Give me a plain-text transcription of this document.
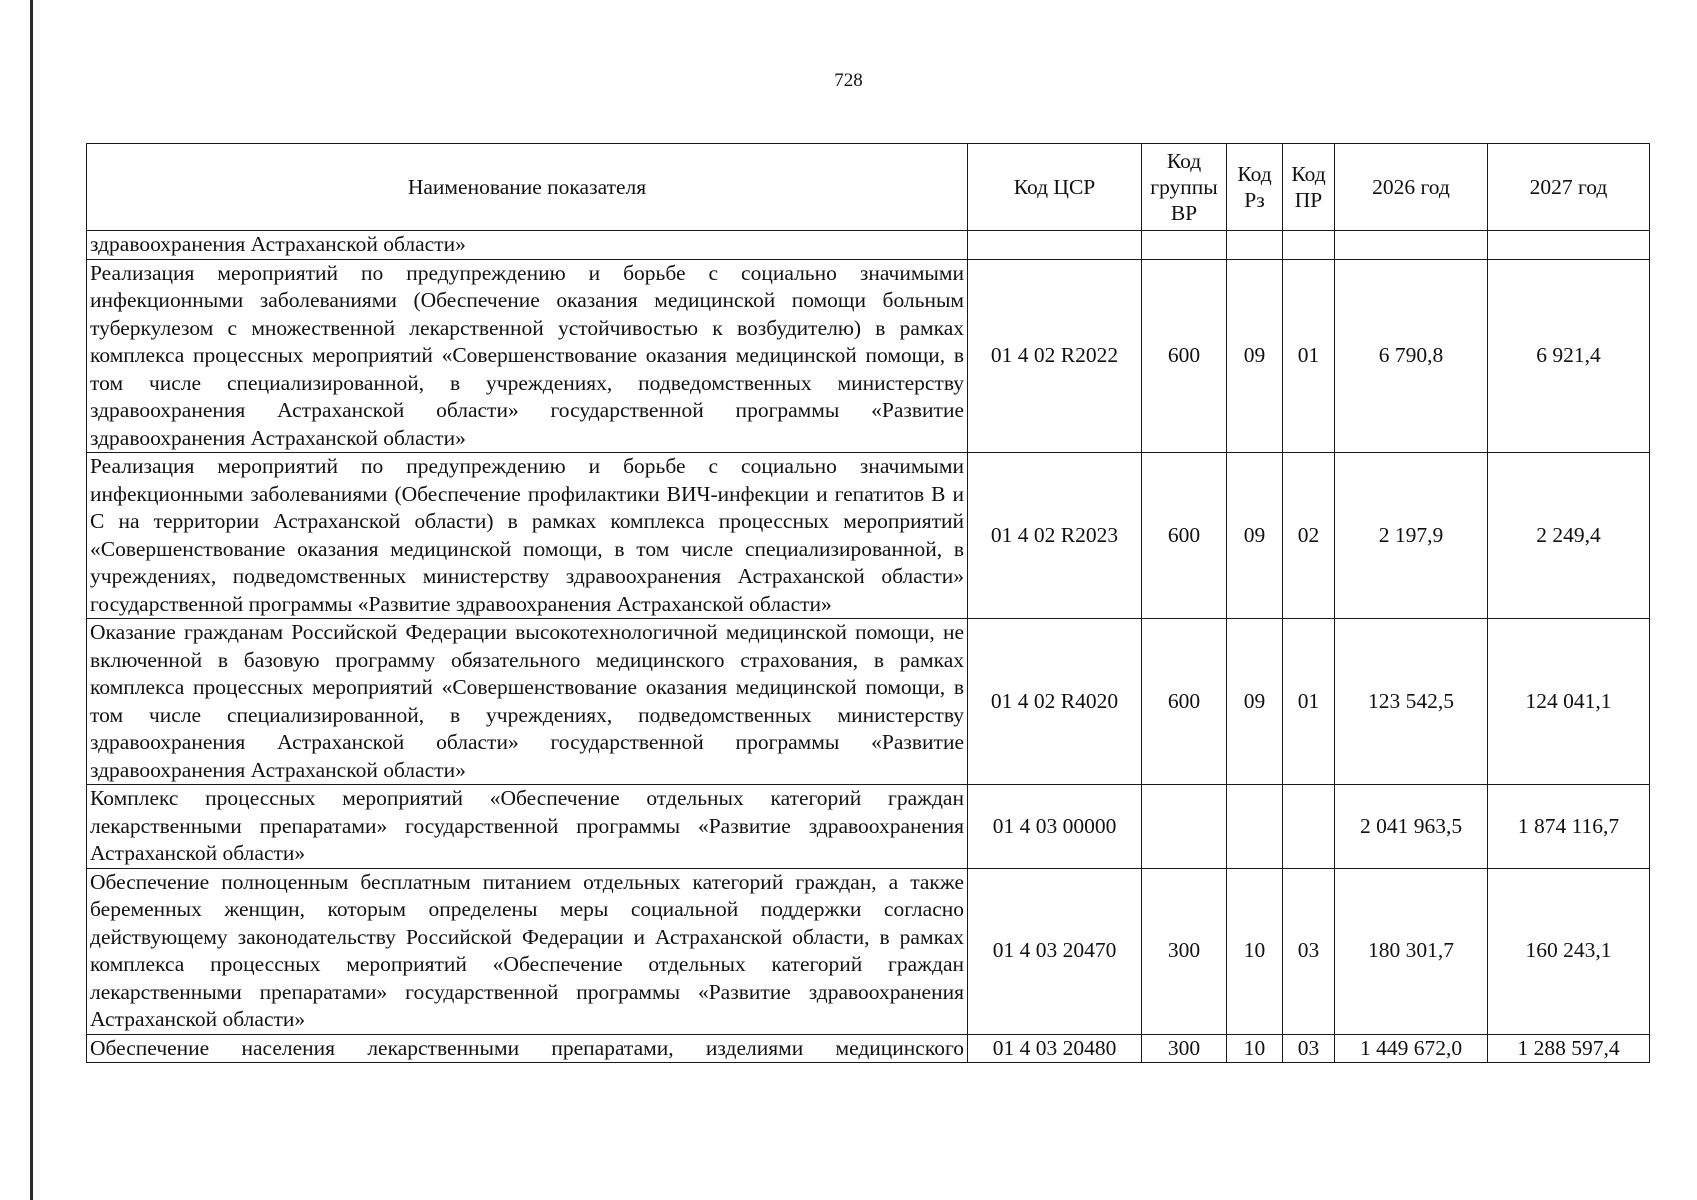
728
Наименование показателя	Код ЦСР	Код группы ВР	Код Рз	Код ПР	2026 год	2027 год
здравоохранения Астраханской области»						
Реализация мероприятий по предупреждению и борьбе с социально значимыми инфекционными заболеваниями (Обеспечение оказания медицинской помощи больным туберкулезом с множественной лекарственной устойчивостью к возбудителю) в рамках комплекса процессных мероприятий «Совершенствование оказания медицинской помощи, в том числе специализированной, в учреждениях, подведомственных министерству здравоохранения Астраханской области» государственной программы «Развитие здравоохранения Астраханской области»	01 4 02 R2022	600	09	01	6 790,8	6 921,4
Реализация мероприятий по предупреждению и борьбе с социально значимыми инфекционными заболеваниями (Обеспечение профилактики ВИЧ-инфекции и гепатитов B и C на территории Астраханской области) в рамках комплекса процессных мероприятий «Совершенствование оказания медицинской помощи, в том числе специализированной, в учреждениях, подведомственных министерству здравоохранения Астраханской области» государственной программы «Развитие здравоохранения Астраханской области»	01 4 02 R2023	600	09	02	2 197,9	2 249,4
Оказание гражданам Российской Федерации высокотехнологичной медицинской помощи, не включенной в базовую программу обязательного медицинского страхования, в рамках комплекса процессных мероприятий «Совершенствование оказания медицинской помощи, в том числе специализированной, в учреждениях, подведомственных министерству здравоохранения Астраханской области» государственной программы «Развитие здравоохранения Астраханской области»	01 4 02 R4020	600	09	01	123 542,5	124 041,1
Комплекс процессных мероприятий «Обеспечение отдельных категорий граждан лекарственными препаратами» государственной программы «Развитие здравоохранения Астраханской области»	01 4 03 00000				2 041 963,5	1 874 116,7
Обеспечение полноценным бесплатным питанием отдельных категорий граждан, а также беременных женщин, которым определены меры социальной поддержки согласно действующему законодательству Российской Федерации и Астраханской области, в рамках комплекса процессных мероприятий «Обеспечение отдельных категорий граждан лекарственными препаратами» государственной программы «Развитие здравоохранения Астраханской области»	01 4 03 20470	300	10	03	180 301,7	160 243,1
Обеспечение населения лекарственными препаратами, изделиями медицинского	01 4 03 20480	300	10	03	1 449 672,0	1 288 597,4
